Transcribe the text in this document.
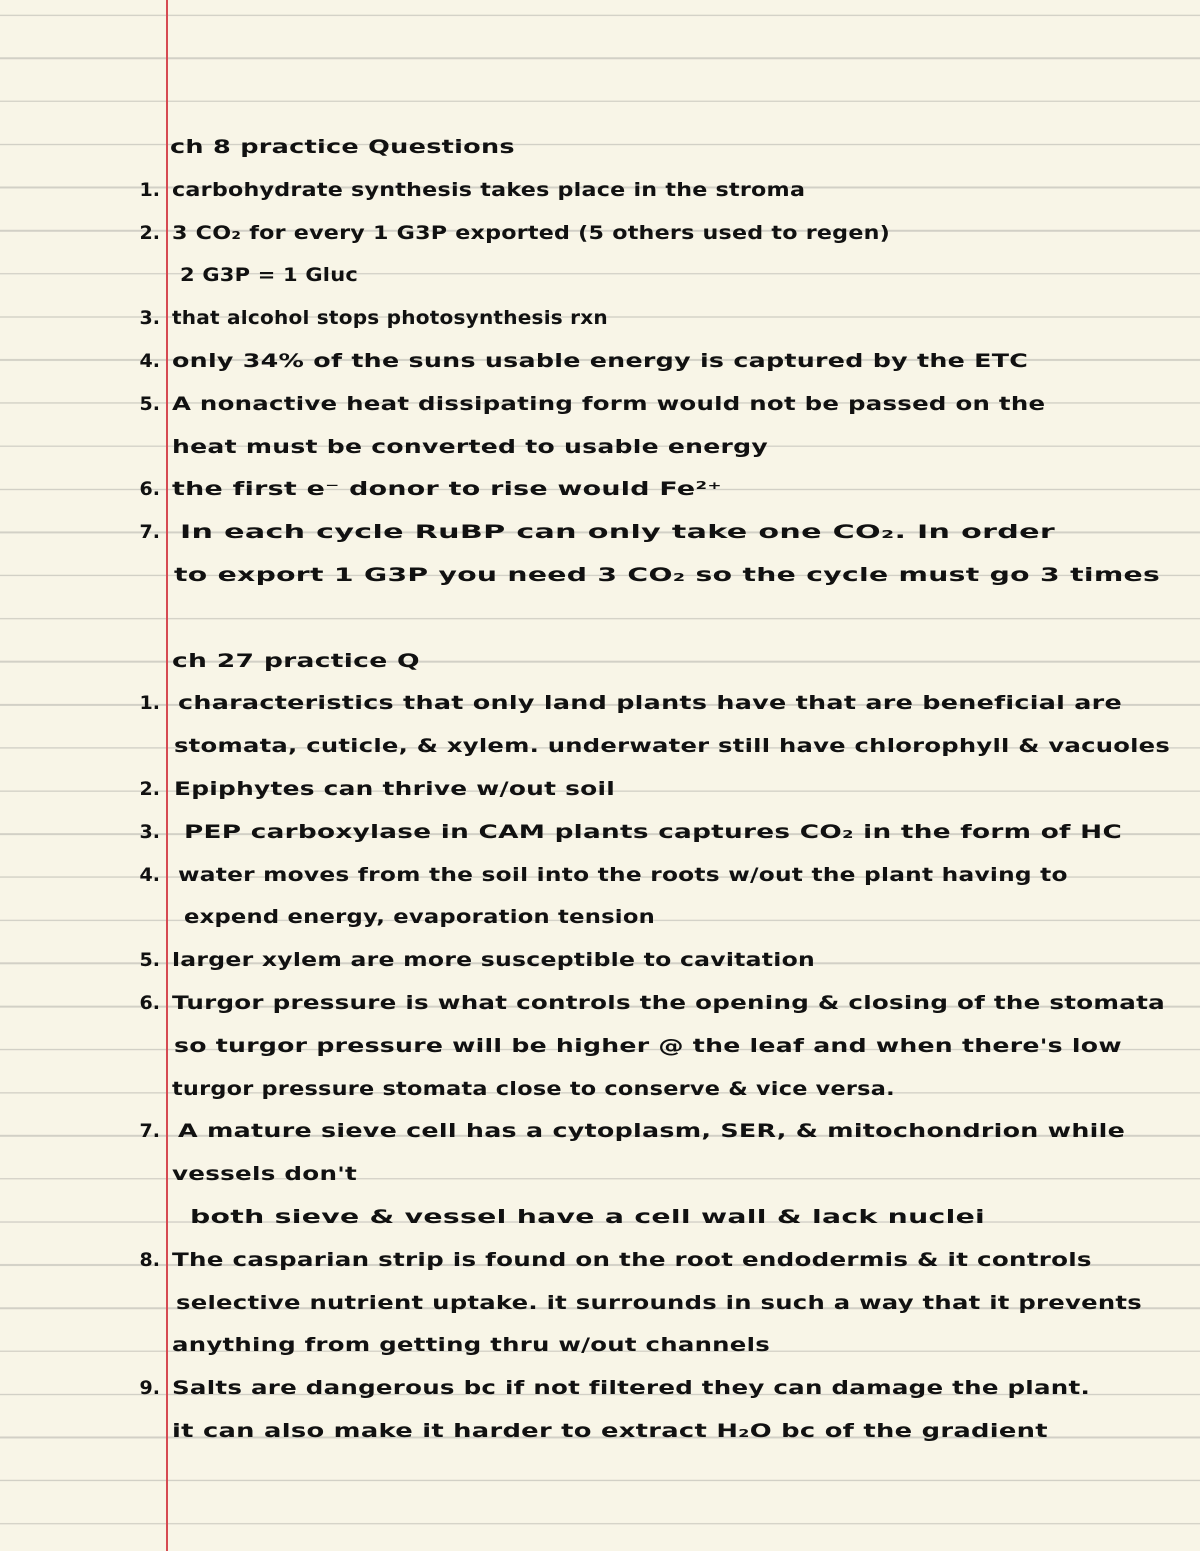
ch 8 practice Questions
1. carbohydrate synthesis takes place in the stroma
2. 3 CO₂ for every 1 G3P exported (5 others used to regen)
2 G3P = 1 Gluc
3. that alcohol stops photosynthesis rxn
4. only 34% of the suns usable energy is captured by the ETC
5. A nonactive heat dissipating form would not be passed on the
heat must be converted to usable energy
6. the first e⁻ donor to rise would Fe²⁺
7. In each cycle RuBP can only take one CO₂. In order
to export 1 G3P you need 3 CO₂ so the cycle must go 3 times
ch 27 practice Q
1. characteristics that only land plants have that are beneficial are
stomata, cuticle, & xylem. underwater still have chlorophyll & vacuoles
2. Epiphytes can thrive w/out soil
3. PEP carboxylase in CAM plants captures CO₂ in the form of HC
4. water moves from the soil into the roots w/out the plant having to
expend energy, evaporation tension
5. larger xylem are more susceptible to cavitation
6. Turgor pressure is what controls the opening & closing of the stomata
so turgor pressure will be higher @ the leaf and when there's low
turgor pressure stomata close to conserve & vice versa.
7. A mature sieve cell has a cytoplasm, SER, & mitochondrion while
vessels don't
both sieve & vessel have a cell wall & lack nuclei
8. The casparian strip is found on the root endodermis & it controls
selective nutrient uptake. it surrounds in such a way that it prevents
anything from getting thru w/out channels
9. Salts are dangerous bc if not filtered they can damage the plant.
it can also make it harder to extract H₂O bc of the gradient
